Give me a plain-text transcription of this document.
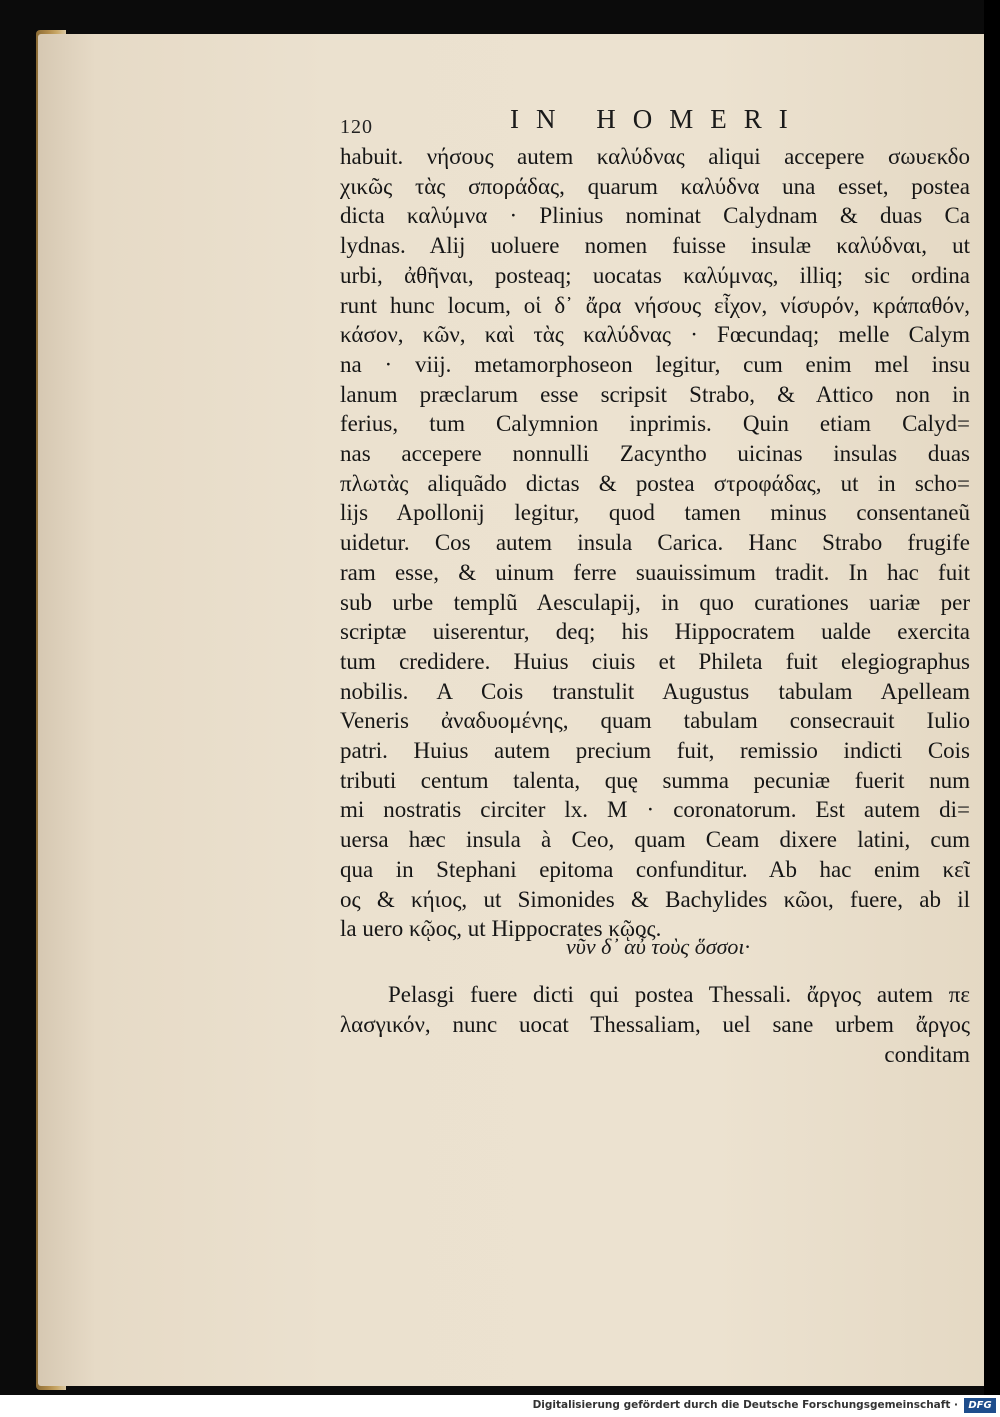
120	IN HOMERI
habuit. νήσους autem καλύδνας aliqui accepere σωυεκδο
χικῶς τὰς σποράδας, quarum καλύδνα una esset, postea
dicta καλύμνα · Plinius nominat Calydnam & duas Ca
lydnas. Alij uoluere nomen fuisse insulæ καλύδναι, ut
urbi, ἀθῆναι, posteaq; uocatas καλύμνας, illiq; sic ordina
runt hunc locum, οἱ δ᾽ ἄρα νήσους εἶχον, νίσυρόν, κράπαθόν,
κάσον, κῶν, καὶ τὰς καλύδνας · Fœcundaq; melle Calym
na · viij. metamorphoseon legitur, cum enim mel insu
lanum præclarum esse scripsit Strabo, & Attico non in
ferius, tum Calymnion inprimis. Quin etiam Calyd=
nas accepere nonnulli Zacyntho uicinas insulas duas
πλωτὰς aliquãdo dictas & postea στροφάδας, ut in scho=
lijs Apollonij legitur, quod tamen minus consentaneũ
uidetur. Cos autem insula Carica. Hanc Strabo frugife
ram esse, & uinum ferre suauissimum tradit. In hac fuit
sub urbe templũ Aesculapij, in quo curationes uariæ per
scriptæ uiserentur, deq; his Hippocratem ualde exercita
tum credidere. Huius ciuis et Phileta fuit elegiographus
nobilis. A Cois transtulit Augustus tabulam Apelleam
Veneris ἀναδυομένης, quam tabulam consecrauit Iulio
patri. Huius autem precium fuit, remissio indicti Cois
tributi centum talenta, quę summa pecuniæ fuerit num
mi nostratis circiter lx. M · coronatorum. Est autem di=
uersa hæc insula à Ceo, quam Ceam dixere latini, cum
qua in Stephani epitoma confunditur. Ab hac enim κεῖ
ος & κήιος, ut Simonides & Bachylides κῶοι, fuere, ab il
la uero κῷος, ut Hippocrates κῷος.
νῦν δ᾽ αὖ τοὺς ὅσσοι·
Pelasgi fuere dicti qui postea Thessali. ἄργος autem πε
λασγικόν, nunc uocat Thessaliam, uel sane urbem ἄργος
conditam
Digitalisierung gefördert durch die Deutsche Forschungsgemeinschaft ·	DFG
